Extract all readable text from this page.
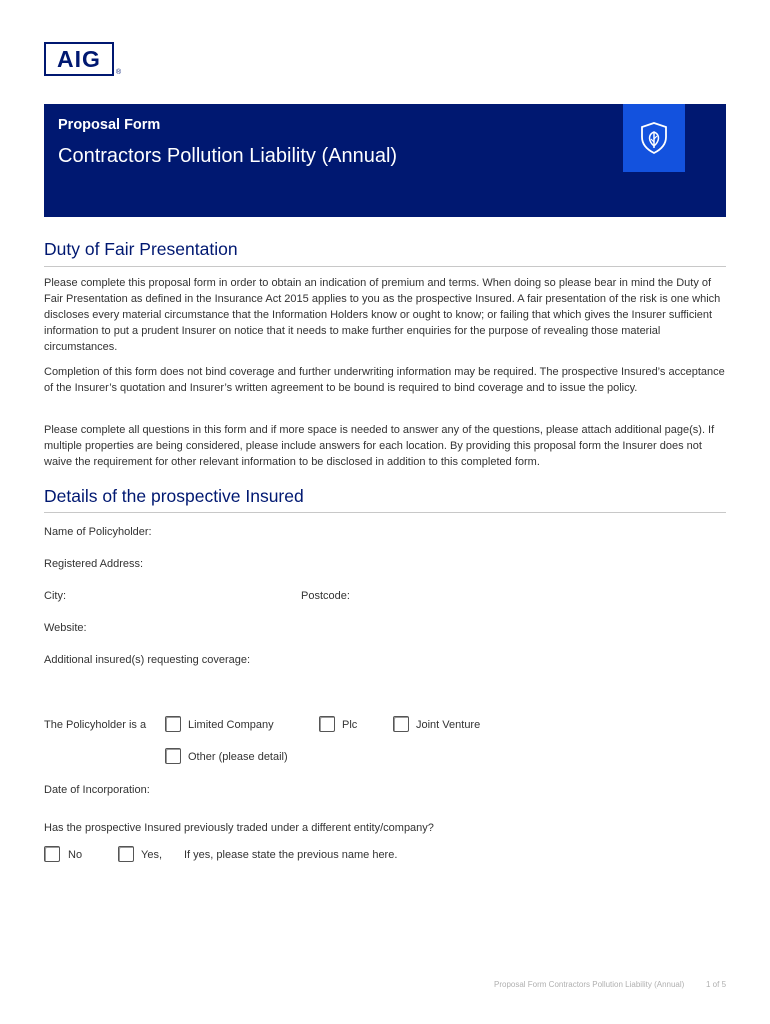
AIG
®
Proposal Form
Contractors Pollution Liability (Annual)
Duty of Fair Presentation

Please complete this proposal form in order to obtain an indication of premium and terms. When doing so please bear in mind the Duty of Fair Presentation as defined in the Insurance Act 2015 applies to you as the prospective Insured. A fair presentation of the risk is one which discloses every material circumstance that the Information Holders know or ought to know; or failing that which gives the Insurer sufficient information to put a prudent Insurer on notice that it needs to make further enquiries for the purpose of revealing those material circumstances.

Completion of this form does not bind coverage and further underwriting information may be required. The prospective Insured’s acceptance of the Insurer’s quotation and Insurer’s written agreement to be bound is required to bind coverage and to issue the policy.

Please complete all questions in this form and if more space is needed to answer any of the questions, please attach additional page(s). If multiple properties are being considered, please include answers for each location. By providing this proposal form the Insurer does not waive the requirement for other relevant information to be disclosed in addition to this completed form.

Details of the prospective Insured
Name of Policyholder:
Registered Address:
City:	Postcode:
Website:
Additional insured(s) requesting coverage:
The Policyholder is a	Limited Company	Plc	Joint Venture
Other (please detail)
Date of Incorporation:
Has the prospective Insured previously traded under a different entity/company?
No	Yes, If yes, please state the previous name here.
Proposal Form Contractors Pollution Liability (Annual)	1 of 5
